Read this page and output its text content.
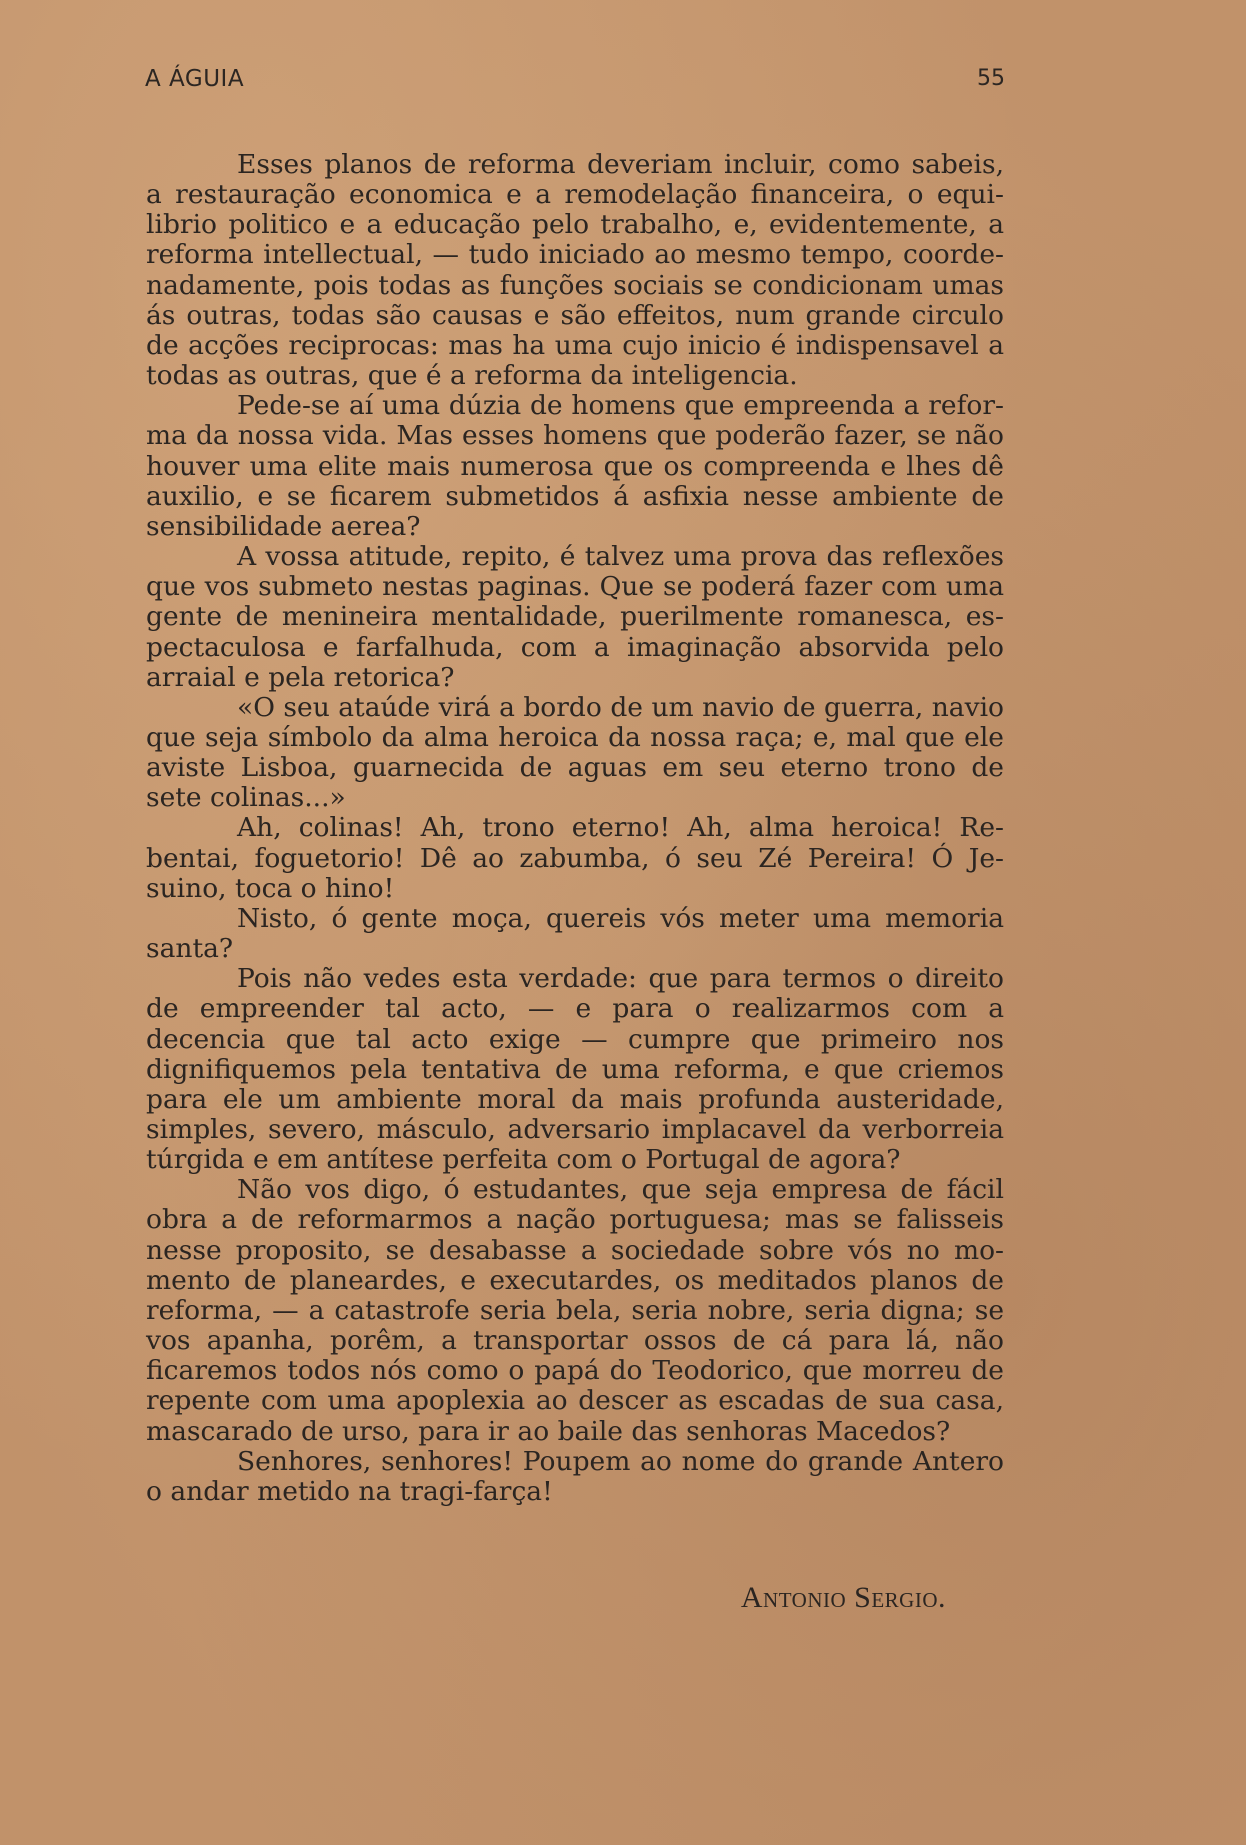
A ÁGUIA	55

Esses planos de reforma deveriam incluir, como sabeis, a restauração economica e a remodelação financeira, o equilibrio politico e a educação pelo trabalho, e, evidentemente, a reforma intellectual, — tudo iniciado ao mesmo tempo, coordenadamente, pois todas as funções sociais se condicionam umas ás outras, todas são causas e são effeitos, num grande circulo de acções reciprocas: mas ha uma cujo inicio é indispensavel a todas as outras, que é a reforma da inteligencia.

Pede-se aí uma dúzia de homens que empreenda a reforma da nossa vida. Mas esses homens que poderão fazer, se não houver uma elite mais numerosa que os compreenda e lhes dê auxilio, e se ficarem submetidos á asfixia nesse ambiente de sensibilidade aerea?

A vossa atitude, repito, é talvez uma prova das reflexões que vos submeto nestas paginas. Que se poderá fazer com uma gente de menineira mentalidade, puerilmente romanesca, espectaculosa e farfalhuda, com a imaginação absorvida pelo arraial e pela retorica?

«O seu ataúde virá a bordo de um navio de guerra, navio que seja símbolo da alma heroica da nossa raça; e, mal que ele aviste Lisboa, guarnecida de aguas em seu eterno trono de sete colinas...»

Ah, colinas! Ah, trono eterno! Ah, alma heroica! Rebentai, foguetorio! Dê ao zabumba, ó seu Zé Pereira! Ó Jesuino, toca o hino!

Nisto, ó gente moça, quereis vós meter uma memoria santa?

Pois não vedes esta verdade: que para termos o direito de empreender tal acto, — e para o realizarmos com a decencia que tal acto exige — cumpre que primeiro nos dignifiquemos pela tentativa de uma reforma, e que criemos para ele um ambiente moral da mais profunda austeridade, simples, severo, másculo, adversario implacavel da verborreia túrgida e em antítese perfeita com o Portugal de agora?

Não vos digo, ó estudantes, que seja empresa de fácil obra a de reformarmos a nação portuguesa; mas se falisseis nesse proposito, se desabasse a sociedade sobre vós no momento de planeardes, e executardes, os meditados planos de reforma, — a catastrofe seria bela, seria nobre, seria digna; se vos apanha, porêm, a transportar ossos de cá para lá, não ficaremos todos nós como o papá do Teodorico, que morreu de repente com uma apoplexia ao descer as escadas de sua casa, mascarado de urso, para ir ao baile das senhoras Macedos?

Senhores, senhores! Poupem ao nome do grande Antero o andar metido na tragi-farça!

Antonio Sergio.
